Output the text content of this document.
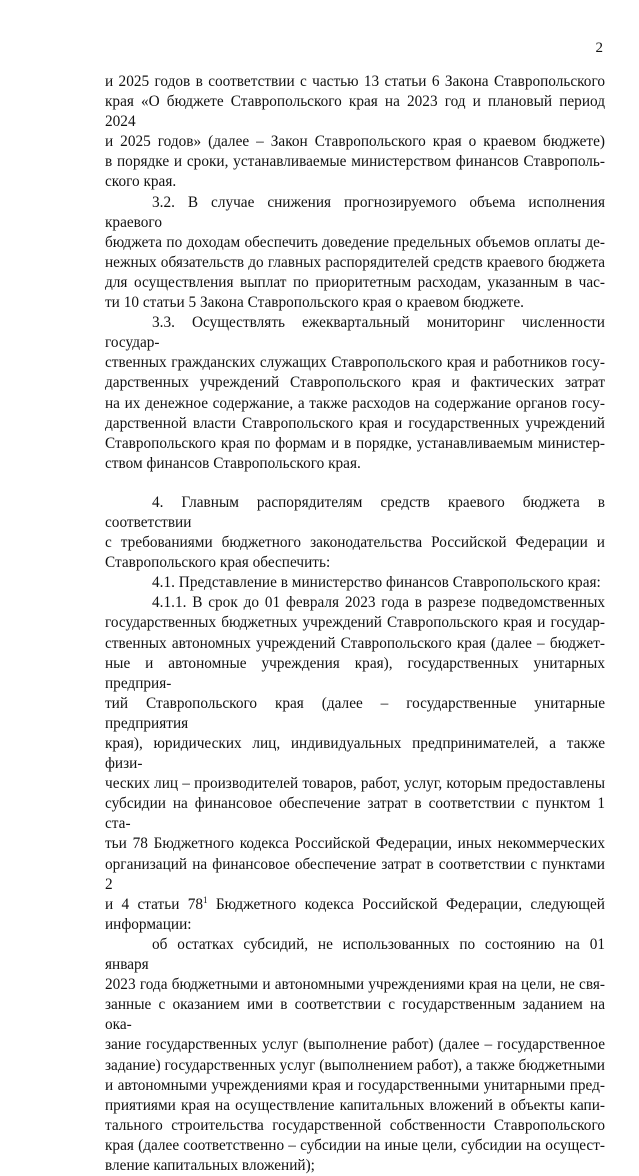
2

и 2025 годов в соответствии с частью 13 статьи 6 Закона Ставропольского

края «О бюджете Ставропольского края на 2023 год и плановый период 2024

и 2025 годов» (далее – Закон Ставропольского края о краевом бюджете)

в порядке и сроки, устанавливаемые министерством финансов Ставрополь-

ского края.

3.2. В случае снижения прогнозируемого объема исполнения краевого

бюджета по доходам обеспечить доведение предельных объемов оплаты де-

нежных обязательств до главных распорядителей средств краевого бюджета

для осуществления выплат по приоритетным расходам, указанным в час-

ти 10 статьи 5 Закона Ставропольского края о краевом бюджете.

3.3. Осуществлять ежеквартальный мониторинг численности государ-

ственных гражданских служащих Ставропольского края и работников госу-

дарственных учреждений Ставропольского края и фактических затрат

на их денежное содержание, а также расходов на содержание органов госу-

дарственной власти Ставропольского края и государственных учреждений

Ставропольского края по формам и в порядке, устанавливаемым министер-

ством финансов Ставропольского края.

4. Главным распорядителям средств краевого бюджета в соответствии

с требованиями бюджетного законодательства Российской Федерации и

Ставропольского края обеспечить:

4.1. Представление в министерство финансов Ставропольского края:

4.1.1. В срок до 01 февраля 2023 года в разрезе подведомственных

государственных бюджетных учреждений Ставропольского края и государ-

ственных автономных учреждений Ставропольского края (далее – бюджет-

ные и автономные учреждения края), государственных унитарных предприя-

тий Ставропольского края (далее – государственные унитарные предприятия

края), юридических лиц, индивидуальных предпринимателей, а также физи-

ческих лиц – производителей товаров, работ, услуг, которым предоставлены

субсидии на финансовое обеспечение затрат в соответствии с пунктом 1 ста-

тьи 78 Бюджетного кодекса Российской Федерации, иных некоммерческих

организаций на финансовое обеспечение затрат в соответствии с пунктами 2

и 4 статьи $78^1$ Бюджетного кодекса Российской Федерации, следующей

информации:

об остатках субсидий, не использованных по состоянию на 01 января

2023 года бюджетными и автономными учреждениями края на цели, не свя-

занные с оказанием ими в соответствии с государственным заданием на ока-

зание государственных услуг (выполнение работ) (далее – государственное

задание) государственных услуг (выполнением работ), а также бюджетными

и автономными учреждениями края и государственными унитарными пред-

приятиями края на осуществление капитальных вложений в объекты капи-

тального строительства государственной собственности Ставропольского

края (далее соответственно – субсидии на иные цели, субсидии на осущест-

вление капитальных вложений);
